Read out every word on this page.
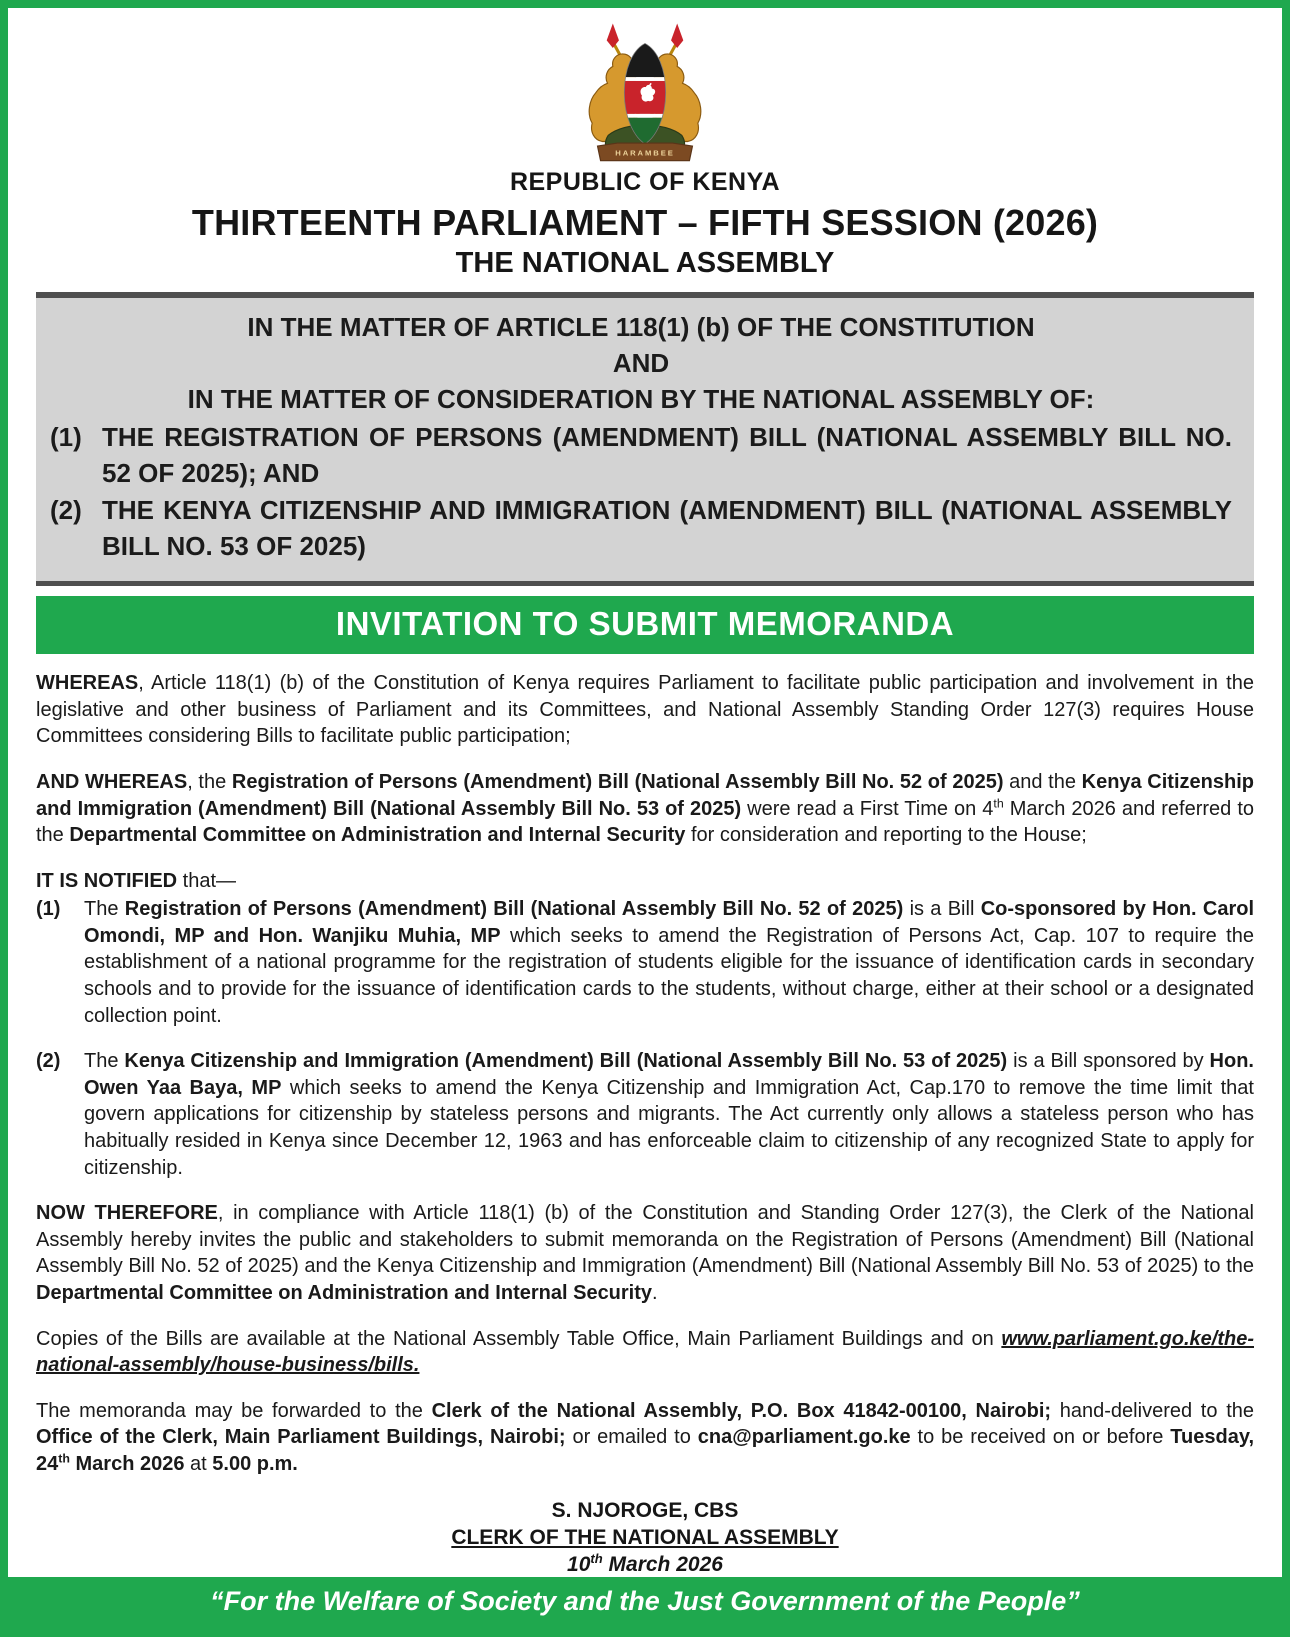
HARAMBEE
REPUBLIC OF KENYA
THIRTEENTH PARLIAMENT – FIFTH SESSION (2026)
THE NATIONAL ASSEMBLY
IN THE MATTER OF ARTICLE 118(1) (b) OF THE CONSTITUTION
AND
IN THE MATTER OF CONSIDERATION BY THE NATIONAL ASSEMBLY OF:
(1) THE REGISTRATION OF PERSONS (AMENDMENT) BILL (NATIONAL ASSEMBLY BILL NO. 52 OF 2025); AND
(2) THE KENYA CITIZENSHIP AND IMMIGRATION (AMENDMENT) BILL (NATIONAL ASSEMBLY BILL NO. 53 OF 2025)
INVITATION TO SUBMIT MEMORANDA

WHEREAS, Article 118(1) (b) of the Constitution of Kenya requires Parliament to facilitate public participation and involvement in the legislative and other business of Parliament and its Committees, and National Assembly Standing Order 127(3) requires House Committees considering Bills to facilitate public participation;

AND WHEREAS, the Registration of Persons (Amendment) Bill (National Assembly Bill No. 52 of 2025) and the Kenya Citizenship and Immigration (Amendment) Bill (National Assembly Bill No. 53 of 2025) were read a First Time on 4th March 2026 and referred to the Departmental Committee on Administration and Internal Security for consideration and reporting to the House;

IT IS NOTIFIED that—

(1)	The Registration of Persons (Amendment) Bill (National Assembly Bill No. 52 of 2025) is a Bill Co-sponsored by Hon. Carol Omondi, MP and Hon. Wanjiku Muhia, MP which seeks to amend the Registration of Persons Act, Cap. 107 to require the establishment of a national programme for the registration of students eligible for the issuance of identification cards in secondary schools and to provide for the issuance of identification cards to the students, without charge, either at their school or a designated collection point.
(2)	The Kenya Citizenship and Immigration (Amendment) Bill (National Assembly Bill No. 53 of 2025) is a Bill sponsored by Hon. Owen Yaa Baya, MP which seeks to amend the Kenya Citizenship and Immigration Act, Cap.170 to remove the time limit that govern applications for citizenship by stateless persons and migrants. The Act currently only allows a stateless person who has habitually resided in Kenya since December 12, 1963 and has enforceable claim to citizenship of any recognized State to apply for citizenship.

NOW THEREFORE, in compliance with Article 118(1) (b) of the Constitution and Standing Order 127(3), the Clerk of the National Assembly hereby invites the public and stakeholders to submit memoranda on the Registration of Persons (Amendment) Bill (National Assembly Bill No. 52 of 2025) and the Kenya Citizenship and Immigration (Amendment) Bill (National Assembly Bill No. 53 of 2025) to the Departmental Committee on Administration and Internal Security.

Copies of the Bills are available at the National Assembly Table Office, Main Parliament Buildings and on www.parliament.go.ke/the-national-assembly/house-business/bills.

The memoranda may be forwarded to the Clerk of the National Assembly, P.O. Box 41842-00100, Nairobi; hand-delivered to the Office of the Clerk, Main Parliament Buildings, Nairobi; or emailed to cna@parliament.go.ke to be received on or before Tuesday, 24th March 2026 at 5.00 p.m.

S. NJOROGE, CBS
CLERK OF THE NATIONAL ASSEMBLY
10th March 2026
“For the Welfare of Society and the Just Government of the People”
